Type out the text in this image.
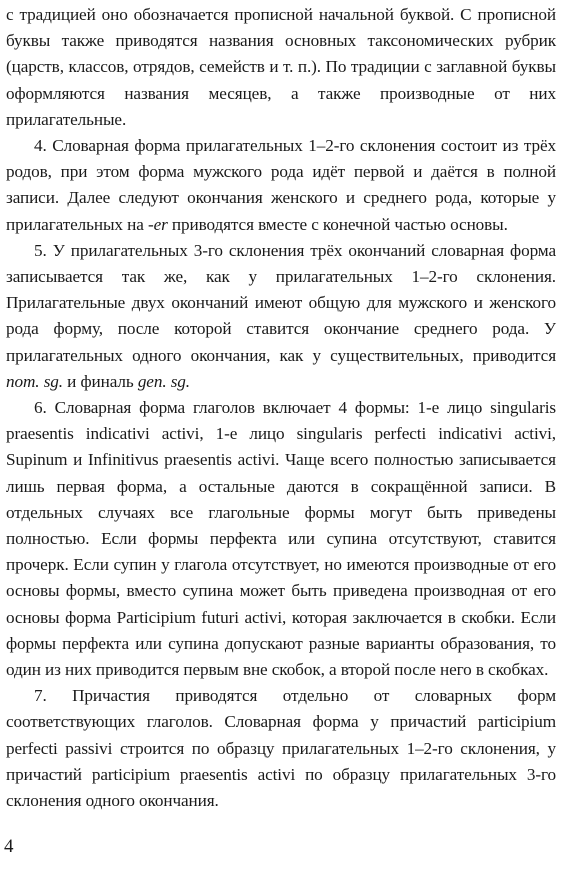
с традицией оно обозначается прописной начальной буквой. С прописной буквы также приводятся названия основных таксономических рубрик (царств, классов, отрядов, семейств и т. п.). По традиции с заглавной буквы оформляются названия месяцев, а также производные от них прилагательные.

4. Словарная форма прилагательных 1–2-го склонения состоит из трёх родов, при этом форма мужского рода идёт первой и даётся в полной записи. Далее следуют окончания женского и среднего рода, которые у прилагательных на -er приводятся вместе с конечной частью основы.

5. У прилагательных 3-го склонения трёх окончаний словарная форма записывается так же, как у прилагательных 1–2-го склонения. Прилагательные двух окончаний имеют общую для мужского и женского рода форму, после которой ставится окончание среднего рода. У прилагательных одного окончания, как у существительных, приводится nom. sg. и финаль gen. sg.

6. Словарная форма глаголов включает 4 формы: 1-е лицо singularis praesentis indicativi activi, 1-е лицо singularis perfecti indicativi activi, Supinum и Infinitivus praesentis activi. Чаще всего полностью записывается лишь первая форма, а остальные даются в сокращённой записи. В отдельных случаях все глагольные формы могут быть приведены полностью. Если формы перфекта или супина отсутствуют, ставится прочерк. Если супин у глагола отсутствует, но имеются производные от его основы формы, вместо супина может быть приведена производная от его основы форма Participium futuri activi, которая заключается в скобки. Если формы перфекта или супина допускают разные варианты образования, то один из них приводится первым вне скобок, а второй после него в скобках.

7. Причастия приводятся отдельно от словарных форм соответствующих глаголов. Словарная форма у причастий participium perfecti passivi строится по образцу прилагательных 1–2-го склонения, у причастий participium praesentis activi по образцу прилагательных 3-го склонения одного окончания.

4
